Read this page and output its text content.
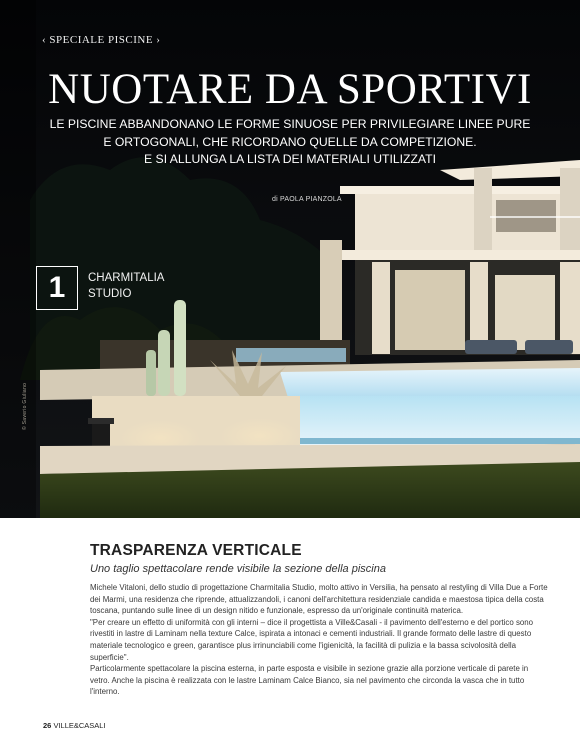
‹ SPECIALE PISCINE ›
NUOTARE DA SPORTIVI
LE PISCINE ABBANDONANO LE FORME SINUOSE PER PRIVILEGIARE LINEE PURE
E ORTOGONALI, CHE RICORDANO QUELLE DA COMPETIZIONE.
E SI ALLUNGA LA LISTA DEI MATERIALI UTILIZZATI
di PAOLA PIANZOLA
1	CHARMITALIA
STUDIO
© Saverio Giuliano
TRASPARENZA VERTICALE
Uno taglio spettacolare rende visibile la sezione della piscina

Michele Vitaloni, dello studio di progettazione Charmitalia Studio, molto attivo in Versilia, ha pensato al restyling di Villa Due a Forte dei Marmi, una residenza che riprende, attualizzandoli, i canoni dell'architettura residenziale candida e maestosa tipica della costa toscana, puntando sulle linee di un design nitido e funzionale, espresso da un'originale continuità materica.

"Per creare un effetto di uniformità con gli interni – dice il progettista a Ville&Casali - il pavimento dell'esterno e del portico sono rivestiti in lastre di Laminam nella texture Calce, ispirata a intonaci e cementi industriali. Il grande formato delle lastre di questo materiale tecnologico e green, garantisce plus irrinunciabili come l'igienicità, la facilità di pulizia e la bassa scivolosità della superficie".

Particolarmente spettacolare la piscina esterna, in parte esposta e visibile in sezione grazie alla porzione verticale di parete in vetro. Anche la piscina è realizzata con le lastre Laminam Calce Bianco, sia nel pavimento che circonda la vasca che in tutto l'interno.

26 VILLE&CASALI
